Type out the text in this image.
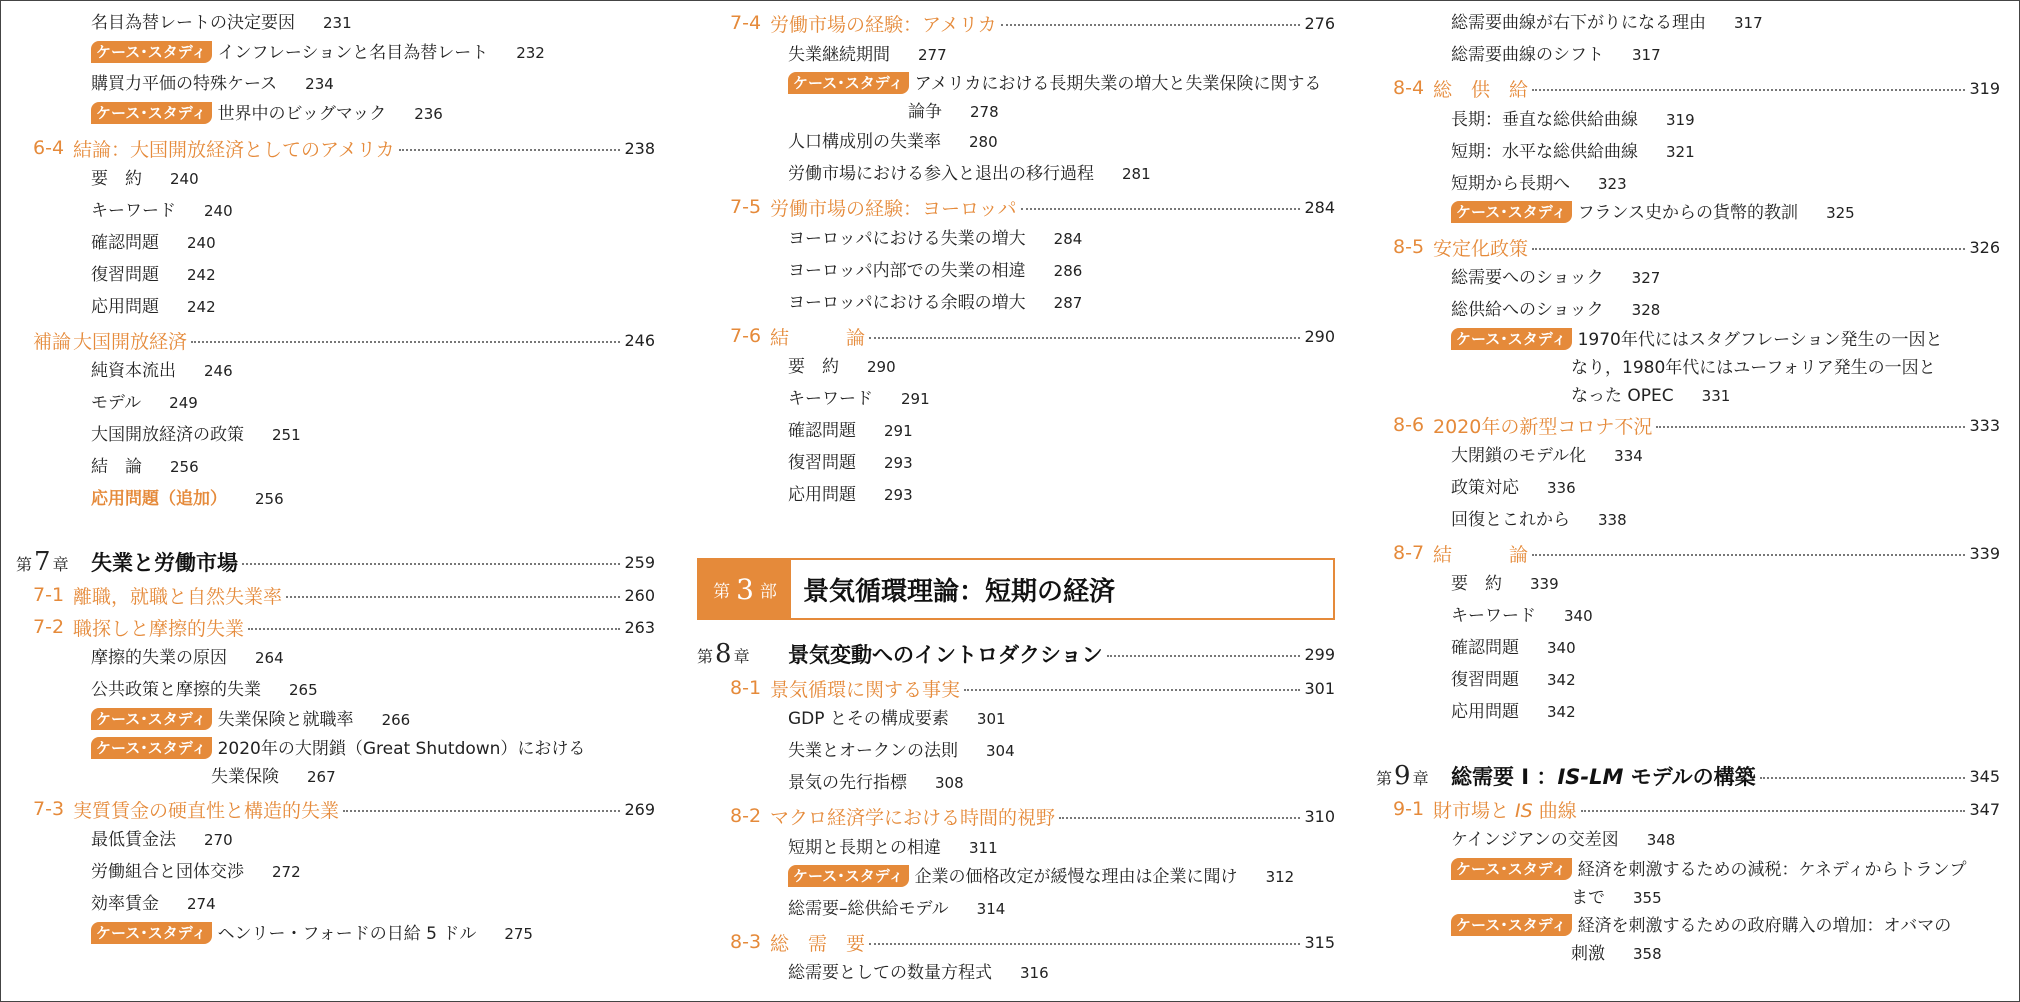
名目為替レートの決定要因 231
ケース･スタディ インフレーションと名目為替レート 232
購買力平価の特殊ケース 234
ケース･スタディ 世界中のビッグマック 236
6-4 結論：大国開放経済としてのアメリカ	238
要　約 240
キーワード 240
確認問題 240
復習問題 242
応用問題 242
補論 大国開放経済	246
純資本流出 246
モデル 249
大国開放経済の政策 251
結　論 256
応用問題（追加） 256
第7 章	失業と労働市場	259
7-1 離職，就職と自然失業率	260
7-2 職探しと摩擦的失業	263
摩擦的失業の原因 264
公共政策と摩擦的失業 265
ケース･スタディ 失業保険と就職率 266
ケース･スタディ 2020年の大閉鎖（Great Shutdown）における
失業保険 267
7-3 実質賃金の硬直性と構造的失業	269
最低賃金法 270
労働組合と団体交渉 272
効率賃金 274
ケース･スタディ ヘンリー・フォードの日給 5 ドル 275
7-4 労働市場の経験：アメリカ	276
失業継続期間 277
ケース･スタディ アメリカにおける長期失業の増大と失業保険に関する
論争 278
人口構成別の失業率 280
労働市場における参入と退出の移行過程 281
7-5 労働市場の経験：ヨーロッパ	284
ヨーロッパにおける失業の増大 284
ヨーロッパ内部での失業の相違 286
ヨーロッパにおける余暇の増大 287
7-6 結　　　論	290
要　約 290
キーワード 291
確認問題 291
復習問題 293
応用問題 293
第 3 部 景気循環理論：短期の経済
第8 章	景気変動へのイントロダクション	299
8-1 景気循環に関する事実	301
GDP とその構成要素 301
失業とオークンの法則 304
景気の先行指標 308
8-2 マクロ経済学における時間的視野	310
短期と長期との相違 311
ケース･スタディ 企業の価格改定が緩慢な理由は企業に聞け 312
総需要–総供給モデル 314
8-3 総　需　要	315
総需要としての数量方程式 316
総需要曲線が右下がりになる理由 317
総需要曲線のシフト 317
8-4 総　供　給	319
長期：垂直な総供給曲線 319
短期：水平な総供給曲線 321
短期から長期へ 323
ケース･スタディ フランス史からの貨幣的教訓 325
8-5 安定化政策	326
総需要へのショック 327
総供給へのショック 328
ケース･スタディ 1970年代にはスタグフレーション発生の一因と
なり，1980年代にはユーフォリア発生の一因と
なった OPEC 331
8-6 2020年の新型コロナ不況	333
大閉鎖のモデル化 334
政策対応 336
回復とこれから 338
8-7 結　　　論	339
要　約 339
キーワード 340
確認問題 340
復習問題 342
応用問題 342
第9 章	総需要 I ：IS-LM モデルの構築	345
9-1 財市場と IS 曲線	347
ケインジアンの交差図 348
ケース･スタディ 経済を刺激するための減税：ケネディからトランプ
まで 355
ケース･スタディ 経済を刺激するための政府購入の増加：オバマの
刺激 358
